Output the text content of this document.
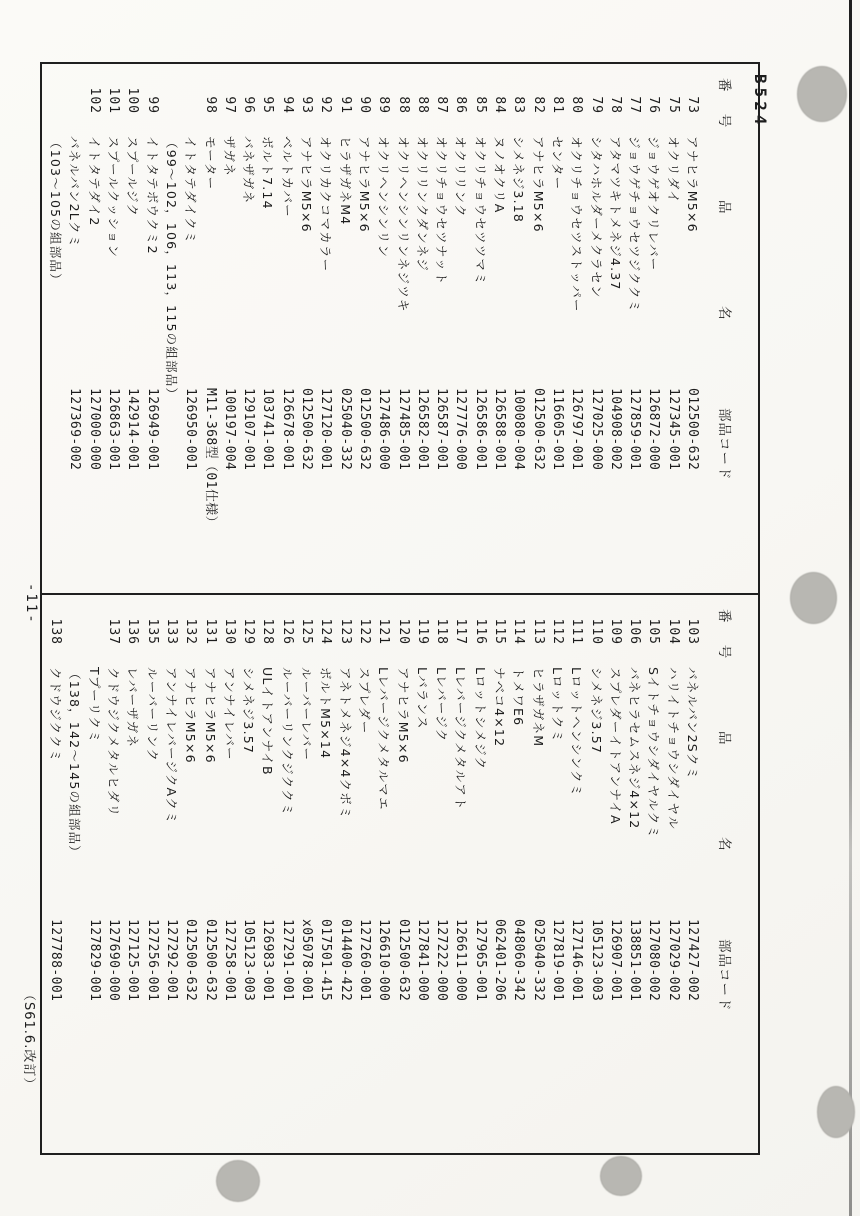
B524
番 号
品
名
部品コード
73
アナヒラM5×6
012500-632
75
オクリダイ
127345-001
76
ジョウゲオクリレバー
126872-000
77
ジョウゲチョウセツジククミ
127859-001
78
アタマツキトメネジ4.37
104908-002
79
シタハホルダーメクラセン
127025-000
80
オクリチョウセツストッパー
126797-001
81
センター
116605-001
82
アナヒラM5×6
012500-632
83
シメネジ3.18
100080-004
84
ヌノオクリA
126588-001
85
オクリチョウセツツマミ
126586-001
86
オクリリンク
127776-000
87
オクリチョウセツナット
126587-001
88
オクリリンクダンネジ
126582-001
88
オクリヘンシンリンネジツキ
127485-001
89
オクリヘンシンリン
127486-000
90
アナヒラM5×6
012500-632
91
ヒラザガネM4
025040-332
92
オクリカクコマカラー
127120-001
93
アナヒラM5×6
012500-632
94
ベルトカバー
126678-001
95
ボルト7.14
103741-001
96
バネザガネ
129107-001
97
ザガネ
100197-004
98
モーター
M11-368型（01仕様）
イトタテダイクミ
126950-001
（99〜102，106，113，115の組部品）
99
イトタテボウクミ2
126949-001
100
スプールジク
142914-001
101
スプールクッション
126863-001
102
イトタテダイ2
127000-000
バネルバン2Lクミ
127369-002
（103〜105の組部品）
番 号
品
名
部品コード
103
バネルバン2Sクミ
127427-002
104
ハリイトチョウシダイヤル
127029-002
105
Sイトチョウシダイヤルクミ
127080-002
106
バネヒラセムスネジ4×12
138851-001
109
スプレダーイトアンナイA
126907-001
110
シメネジ3.57
105123-003
111
Lロットヘンシンクミ
127146-001
112
Lロットクミ
127819-001
113
ヒラザガネM
025040-332
114
トメワE6
048060-342
115
ナベコ4×12
062401-206
116
Lロットシメジク
127965-001
117
Lレバージクメタルアト
126611-000
118
Lレバージク
127222-000
119
Lバランス
127841-000
120
アナヒラM5×6
012500-632
121
Lレバージクメタルマエ
126610-000
122
スプレダー
127260-001
123
アネトメネジ4×4クボミ
014400-422
124
ボルトM5×14
017501-415
125
ルーバーレバー
x05078-001
126
ルーバーリンクジククミ
127291-001
128
ULイトアンナイB
126983-001
129
シメネジ3.57
105123-003
130
アンナイレバー
127258-001
131
アナヒラM5×6
012500-632
132
アナヒラM5×6
012500-632
133
アンナイレバージクAクミ
127292-001
135
ルーバーリンク
127256-001
136
レバーザガネ
127125-001
137
クドウジクメタルヒダリ
127690-000
Tプーリクミ
127829-001
（138，142〜145の組部品）
138
クドウジククミ
127788-001
-11-
（S61.6.改訂）
